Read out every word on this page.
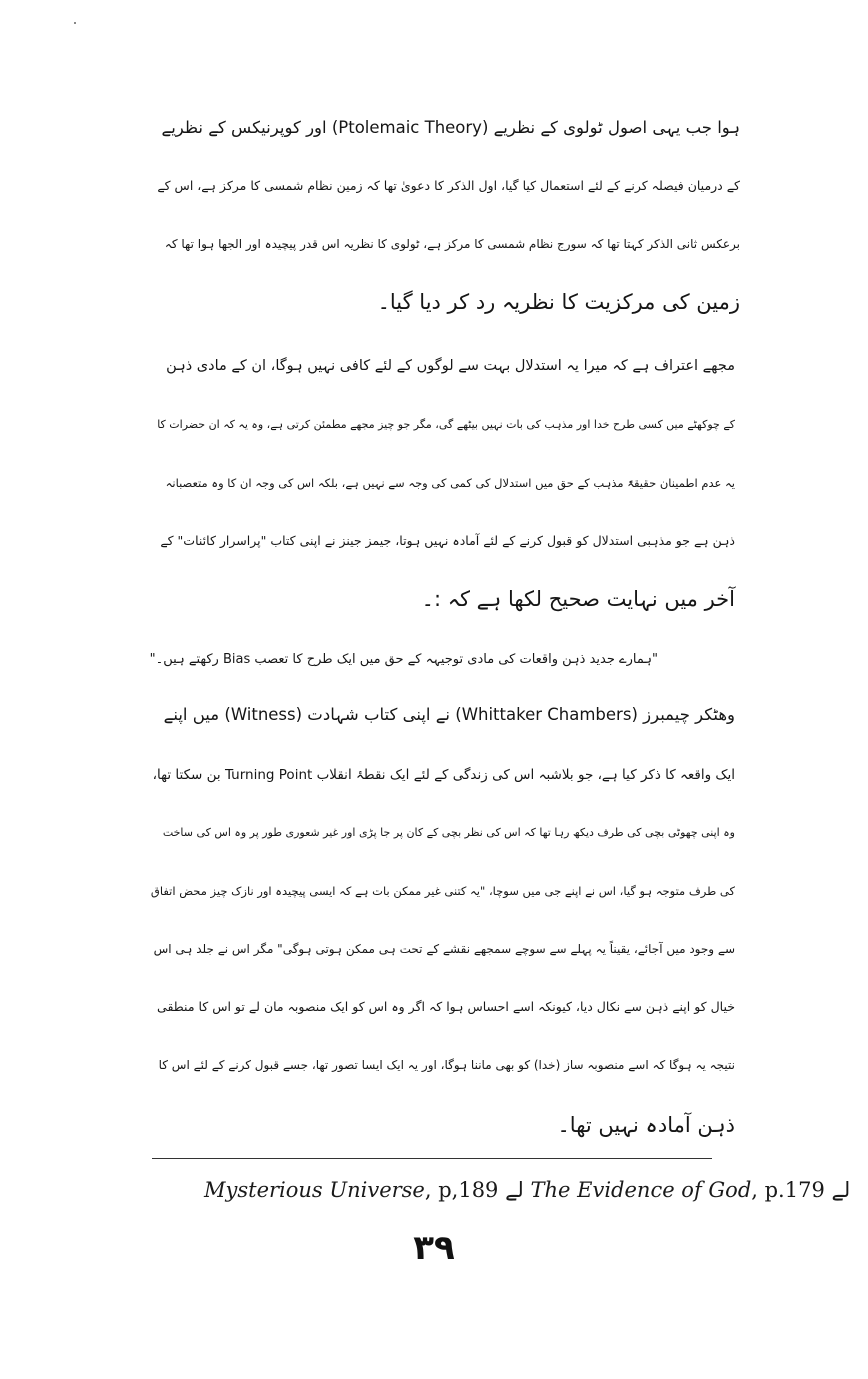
ہوا جب یہی اصول ٹولوی کے نظریے (Ptolemaic Theory) اور کوپرنیکس کے نظریے
کے درمیان فیصلہ کرنے کے لئے استعمال کیا گیا، اول الذکر کا دعویٰ تھا کہ زمین نظام شمسی کا مرکز ہے، اس کے
برعکس ثانی الذکر کہتا تھا کہ سورج نظام شمسی کا مرکز ہے، ٹولوی کا نظریہ اس قدر پیچیدہ اور الجھا ہوا تھا کہ
زمین کی مرکزیت کا نظریہ رد کر دیا گیا۔
مجھے اعتراف ہے کہ میرا یہ استدلال بہت سے لوگوں کے لئے کافی نہیں ہوگا، ان کے مادی ذہن
کے چوکھٹے میں کسی طرح خدا اور مذہب کی بات نہیں بیٹھے گی، مگر جو چیز مجھے مطمئن کرتی ہے، وہ یہ کہ ان حضرات کا
یہ عدم اطمینان حقیقۃً مذہب کے حق میں استدلال کی کمی کی وجہ سے نہیں ہے، بلکہ اس کی وجہ ان کا وہ متعصبانہ
ذہن ہے جو مذہبی استدلال کو قبول کرنے کے لئے آمادہ نہیں ہوتا، جیمز جینز نے اپنی کتاب "پراسرار کائنات" کے
آخر میں نہایت صحیح لکھا ہے کہ :۔
"ہمارے جدید ذہن واقعات کی مادی توجیہہ کے حق میں ایک طرح کا تعصب Bias رکھتے ہیں۔"
وھٹکر چیمبرز (Whittaker Chambers) نے اپنی کتاب شہادت (Witness) میں اپنے
ایک واقعہ کا ذکر کیا ہے، جو بلاشبہ اس کی زندگی کے لئے ایک نقطۂ انقلاب Turning Point بن سکتا تھا،
وہ اپنی چھوٹی بچی کی طرف دیکھ رہا تھا کہ اس کی نظر بچی کے کان پر جا پڑی اور غیر شعوری طور پر وہ اس کی ساخت
کی طرف متوجہ ہو گیا، اس نے اپنے جی میں سوچا، "یہ کتنی غیر ممکن بات ہے کہ ایسی پیچیدہ اور نازک چیز محض اتفاق
سے وجود میں آجائے، یقیناً یہ پہلے سے سوچے سمجھے نقشے کے تحت ہی ممکن ہوتی ہوگی" مگر اس نے جلد ہی اس
خیال کو اپنے ذہن سے نکال دیا، کیونکہ اسے احساس ہوا کہ اگر وہ اس کو ایک منصوبہ مان لے تو اس کا منطقی
نتیجہ یہ ہوگا کہ اسے منصوبہ ساز (خدا) کو بھی ماننا ہوگا، اور یہ ایک ایسا تصور تھا، جسے قبول کرنے کے لئے اس کا
ذہن آمادہ نہیں تھا۔
Mysterious Universe, p,189 لے The Evidence of God, p.179 لے
۳۹
